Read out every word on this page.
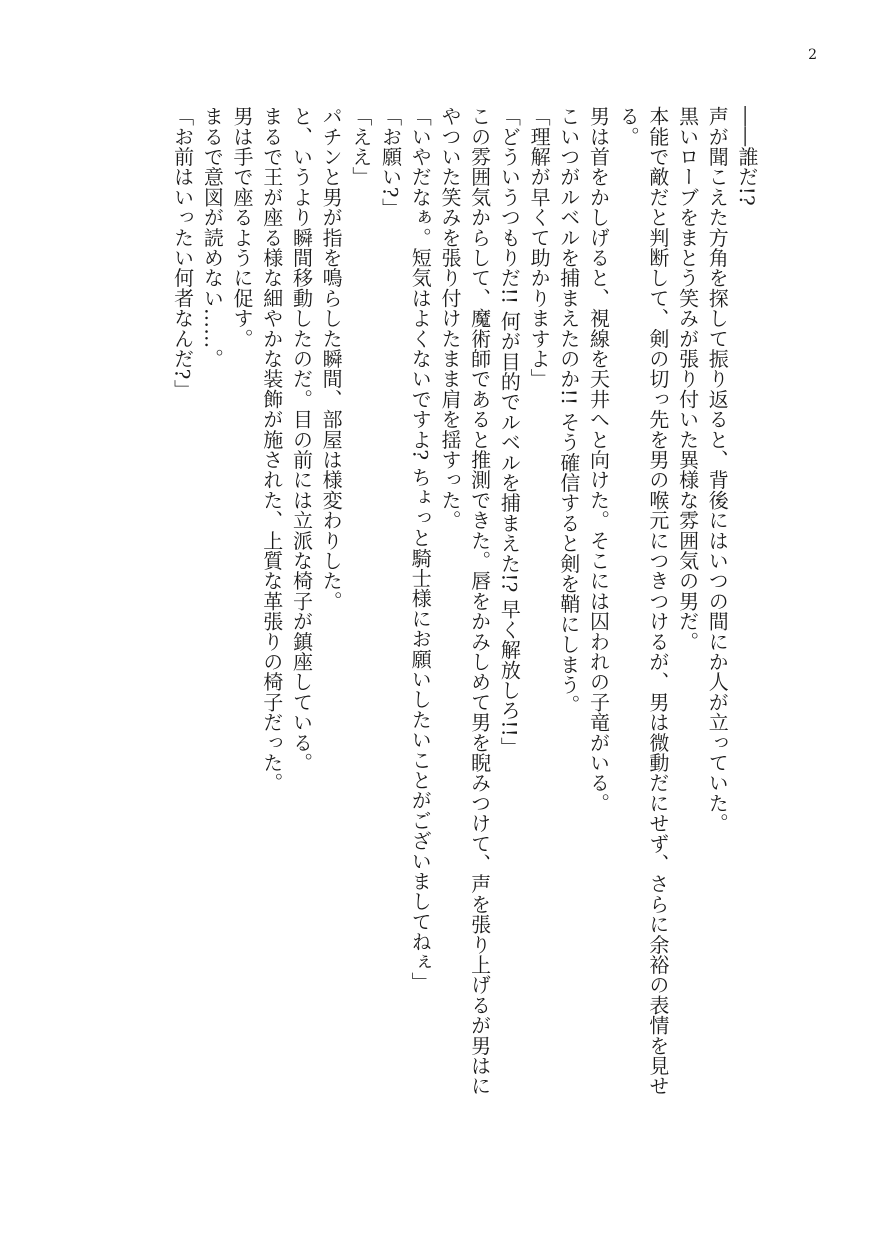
2

――誰だ!?

声が聞こえた方角を探して振り返ると、背後にはいつの間にか人が立っていた。

黒いローブをまとう笑みが張り付いた異様な雰囲気の男だ。

本能で敵だと判断して、剣の切っ先を男の喉元につきつけるが、男は微動だにせず、さらに余裕の表情を見せ

る。

男は首をかしげると、視線を天井へと向けた。そこには囚われの子竜がいる。

こいつがルベルを捕まえたのか!! そう確信すると剣を鞘にしまう。

「理解が早くて助かりますよ」

「どういうつもりだ!! 何が目的でルベルを捕まえた!? 早く解放しろ!!」

この雰囲気からして、魔術師であると推測できた。唇をかみしめて男を睨みつけて、声を張り上げるが男はに

やついた笑みを張り付けたまま肩を揺すった。

「いやだなぁ。短気はよくないですよ? ちょっと騎士様にお願いしたいことがございましてねぇ」

「お願い?」

「ええ」

パチンと男が指を鳴らした瞬間、部屋は様変わりした。

と、いうより瞬間移動したのだ。目の前には立派な椅子が鎮座している。

まるで王が座る様な細やかな装飾が施された、上質な革張りの椅子だった。

男は手で座るように促す。

まるで意図が読めない……。

「お前はいったい何者なんだ?」
